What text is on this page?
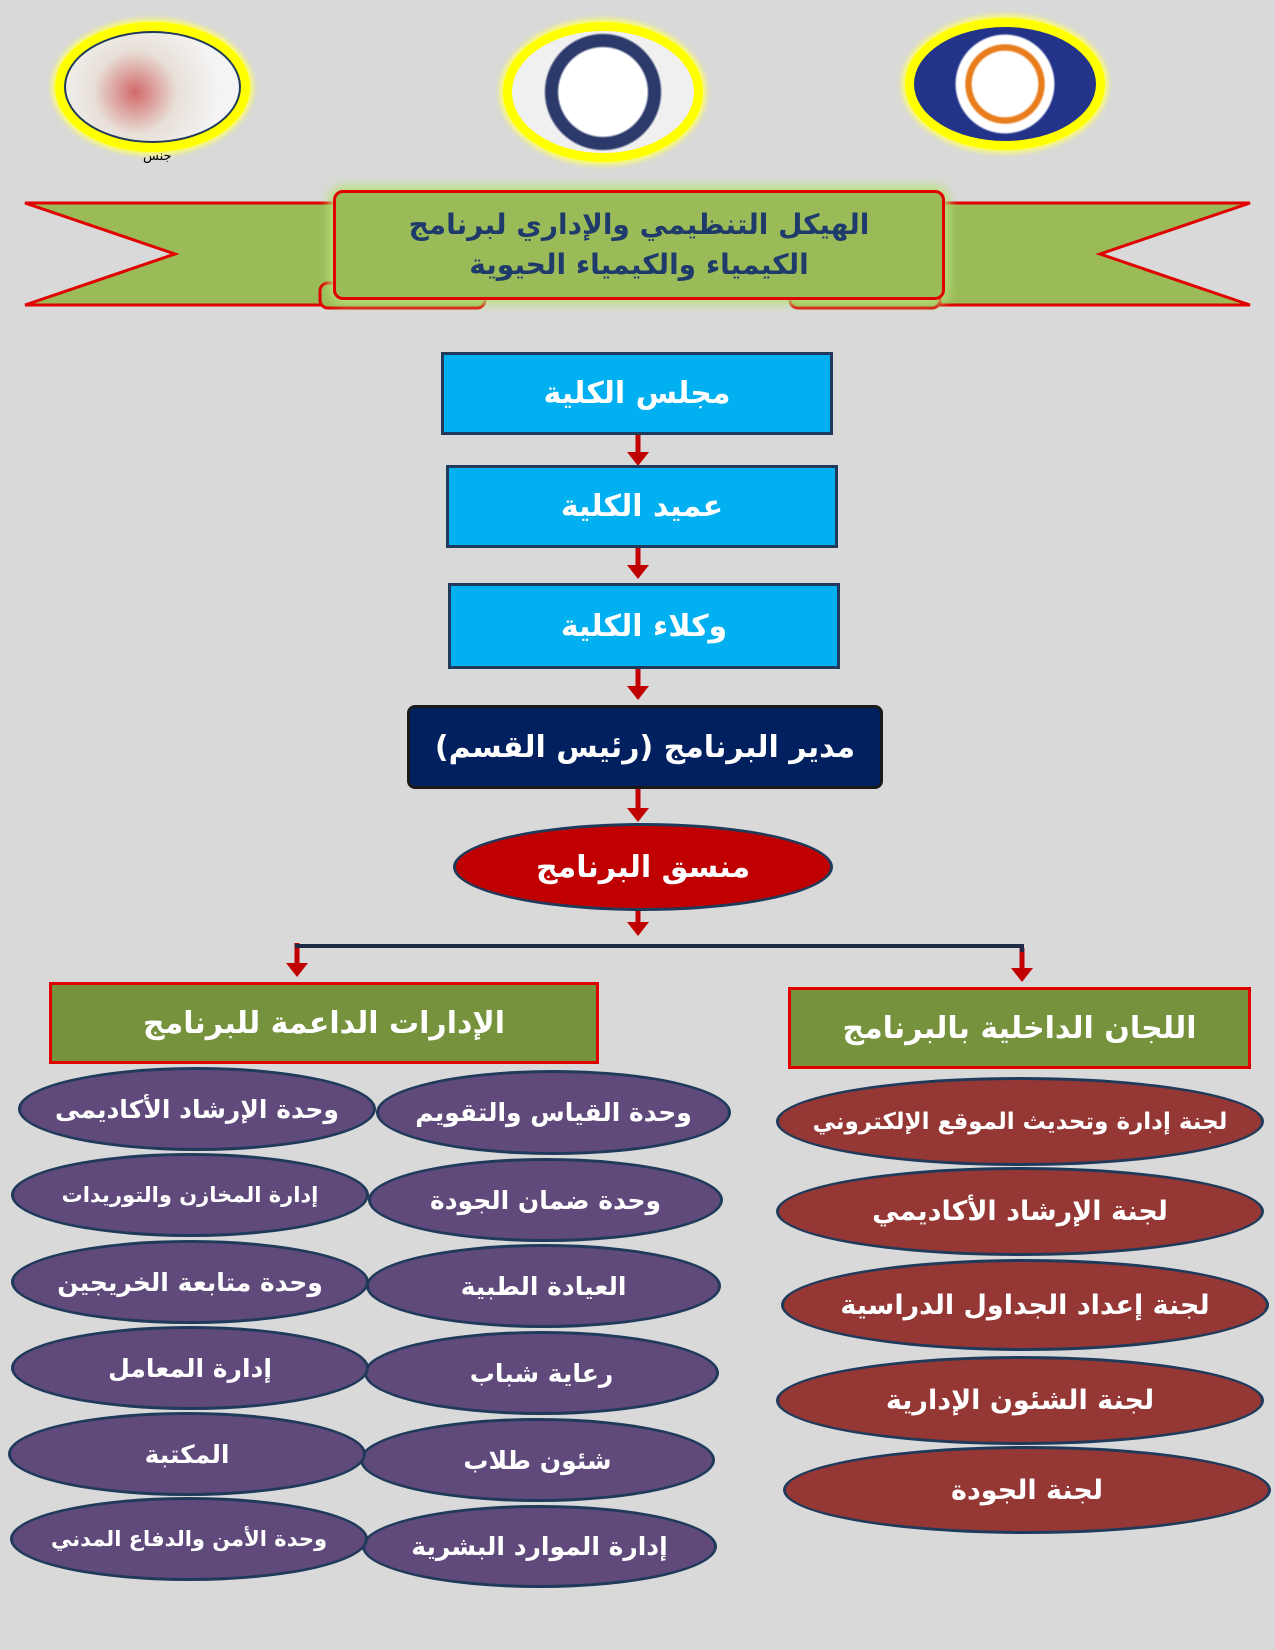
جنس
الهيكل التنظيمي والإداري لبرنامج الكيمياء والكيمياء الحيوية
مجلس الكلية
عميد الكلية
وكلاء الكلية
مدير البرنامج (رئيس القسم)
منسق البرنامج
الإدارات الداعمة للبرنامج	اللجان الداخلية بالبرنامج
وحدة القياس والتقويم
وحدة ضمان الجودة
العيادة الطبية
رعاية شباب
شئون طلاب
إدارة الموارد البشرية
وحدة الإرشاد الأكاديمى
إدارة المخازن والتوريدات
وحدة متابعة الخريجين
إدارة المعامل
المكتبة
وحدة الأمن والدفاع المدني
لجنة إدارة وتحديث الموقع الإلكتروني
لجنة الإرشاد الأكاديمي
لجنة إعداد الجداول الدراسية
لجنة الشئون الإدارية
لجنة الجودة
